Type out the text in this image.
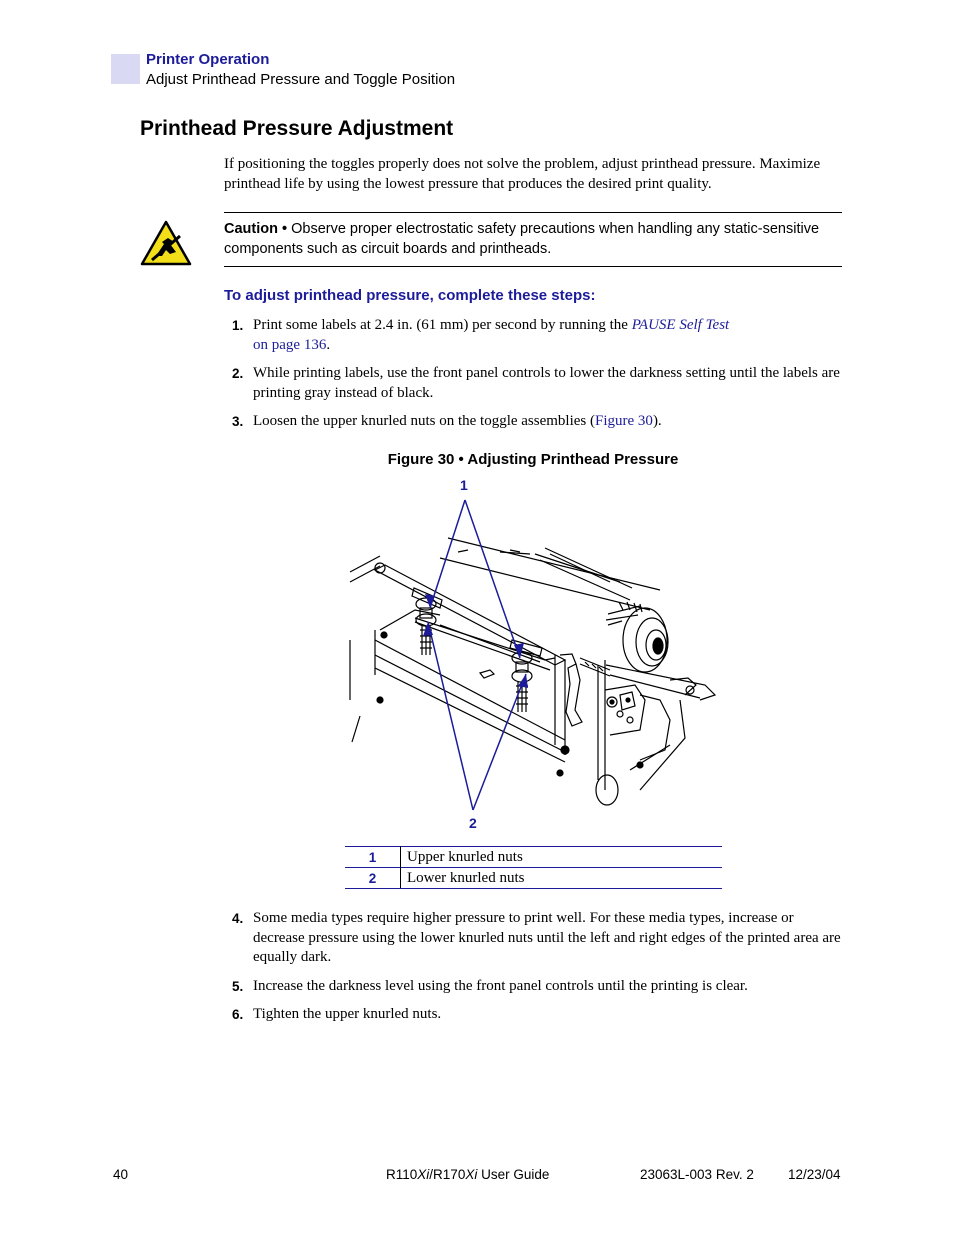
Printer Operation
Adjust Printhead Pressure and Toggle Position
Printhead Pressure Adjustment
If positioning the toggles properly does not solve the problem, adjust printhead pressure. Maximize printhead life by using the lowest pressure that produces the desired print quality.
Caution • Observe proper electrostatic safety precautions when handling any static-sensitive components such as circuit boards and printheads.
To adjust printhead pressure, complete these steps:
1. Print some labels at 2.4 in. (61 mm) per second by running the PAUSE Self Test
on page 136.
2. While printing labels, use the front panel controls to lower the darkness setting until the labels are printing gray instead of black.
3. Loosen the upper knurled nuts on the toggle assemblies (Figure 30).
Figure 30 • Adjusting Printhead Pressure
1
2
1	Upper knurled nuts
2	Lower knurled nuts
4. Some media types require higher pressure to print well. For these media types, increase or decrease pressure using the lower knurled nuts until the left and right edges of the printed area are equally dark.
5. Increase the darkness level using the front panel controls until the printing is clear.
6. Tighten the upper knurled nuts.
40	R110Xi/R170Xi User Guide	23063L-003 Rev. 2	12/23/04
